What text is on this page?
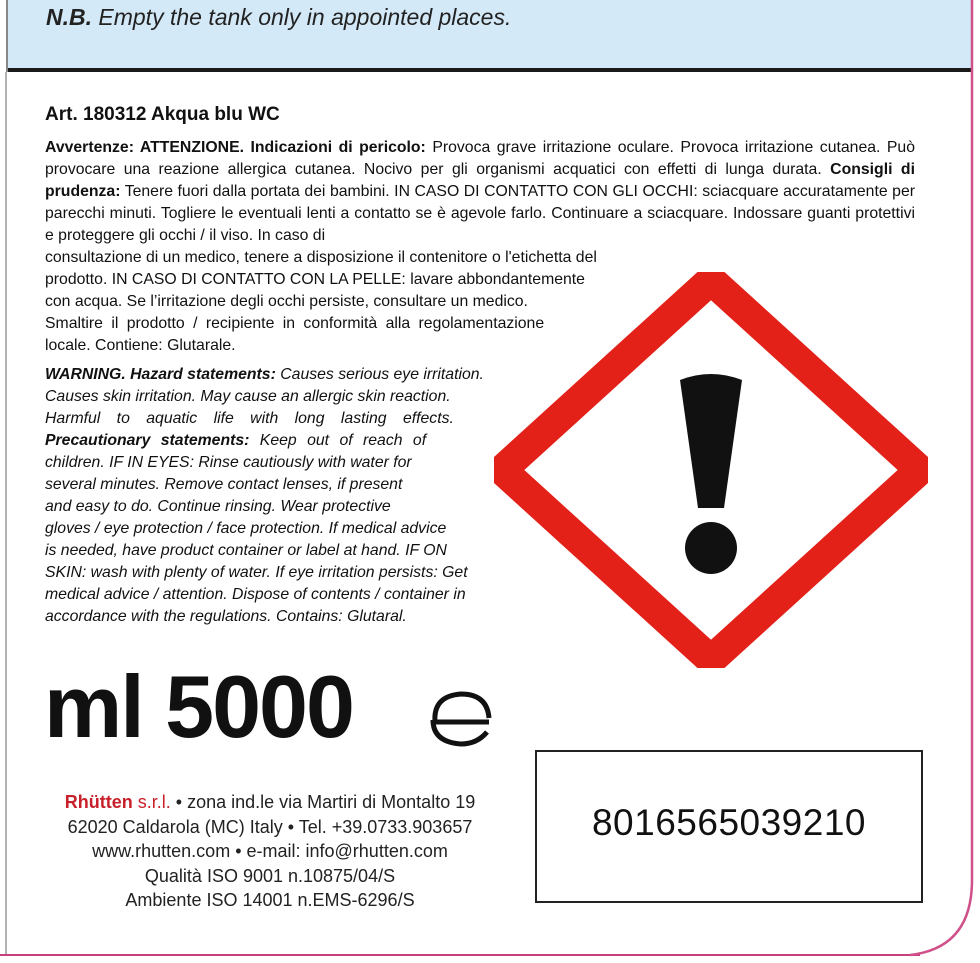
N.B. Empty the tank only in appointed places.
Art. 180312 Akqua blu WC
Avvertenze: ATTENZIONE. Indicazioni di pericolo: Provoca grave irritazione oculare. Provoca irritazione cutanea. Può provocare una reazione allergica cutanea. Nocivo per gli organismi acquatici con effetti di lunga durata. Consigli di prudenza: Tenere fuori dalla portata dei bambini. IN CASO DI CONTATTO CON GLI OCCHI: sciacquare accuratamente per parecchi minuti. Togliere le eventuali lenti a contatto se è agevole farlo. Continuare a sciacquare. Indossare guanti protettivi e proteggere gli occhi / il viso. In caso di
consultazione di un medico, tenere a disposizione il contenitore o l'etichetta del
prodotto. IN CASO DI CONTATTO CON LA PELLE: lavare abbondantemente
con acqua. Se l’irritazione degli occhi persiste, consultare un medico.
Smaltire il prodotto / recipiente in conformità alla regolamentazione
locale. Contiene: Glutarale.
WARNING. Hazard statements: Causes serious eye irritation.
Causes skin irritation. May cause an allergic skin reaction.
Harmful to aquatic life with long lasting effects.
Precautionary statements: Keep out of reach of
children. IF IN EYES: Rinse cautiously with water for
several minutes. Remove contact lenses, if present
and easy to do. Continue rinsing. Wear protective
gloves / eye protection / face protection. If medical advice
is needed, have product container or label at hand. IF ON
SKIN: wash with plenty of water. If eye irritation persists: Get
medical advice / attention. Dispose of contents / container in
accordance with the regulations. Contains: Glutaral.
ml 5000
Rhütten s.r.l. • zona ind.le via Martiri di Montalto 19
62020 Caldarola (MC) Italy • Tel. +39.0733.903657
www.rhutten.com • e-mail: info@rhutten.com
Qualità ISO 9001 n.10875/04/S
Ambiente ISO 14001 n.EMS-6296/S
8016565039210
